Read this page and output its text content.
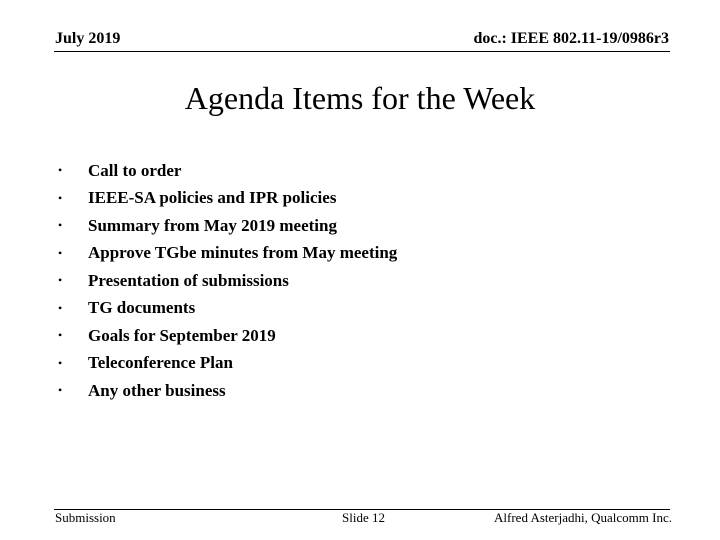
July 2019	doc.: IEEE 802.11-19/0986r3
Agenda Items for the Week
•	Call to order
•	IEEE-SA policies and IPR policies
•	Summary from May 2019 meeting
•	Approve TGbe minutes from May meeting
•	Presentation of submissions
•	TG documents
•	Goals for September 2019
•	Teleconference Plan
•	Any other business
Submission	Slide 12	Alfred Asterjadhi, Qualcomm Inc.
